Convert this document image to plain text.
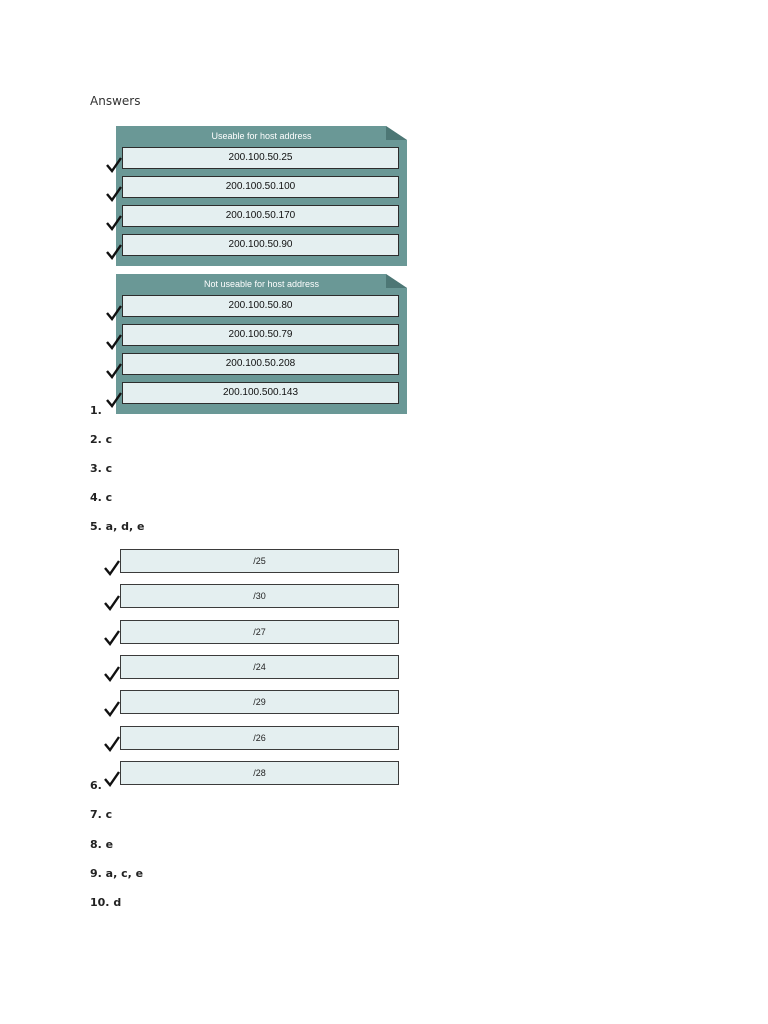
Answers
Useable for host address
200.100.50.25
200.100.50.100
200.100.50.170
200.100.50.90
Not useable for host address
200.100.50.80
200.100.50.79
200.100.50.208
200.100.500.143
1.
2. c
3. c
4. c
5. a, d, e
/25
/30
/27
/24
/29
/26
/28
6.
7. c
8. e
9. a, c, e
10. d
